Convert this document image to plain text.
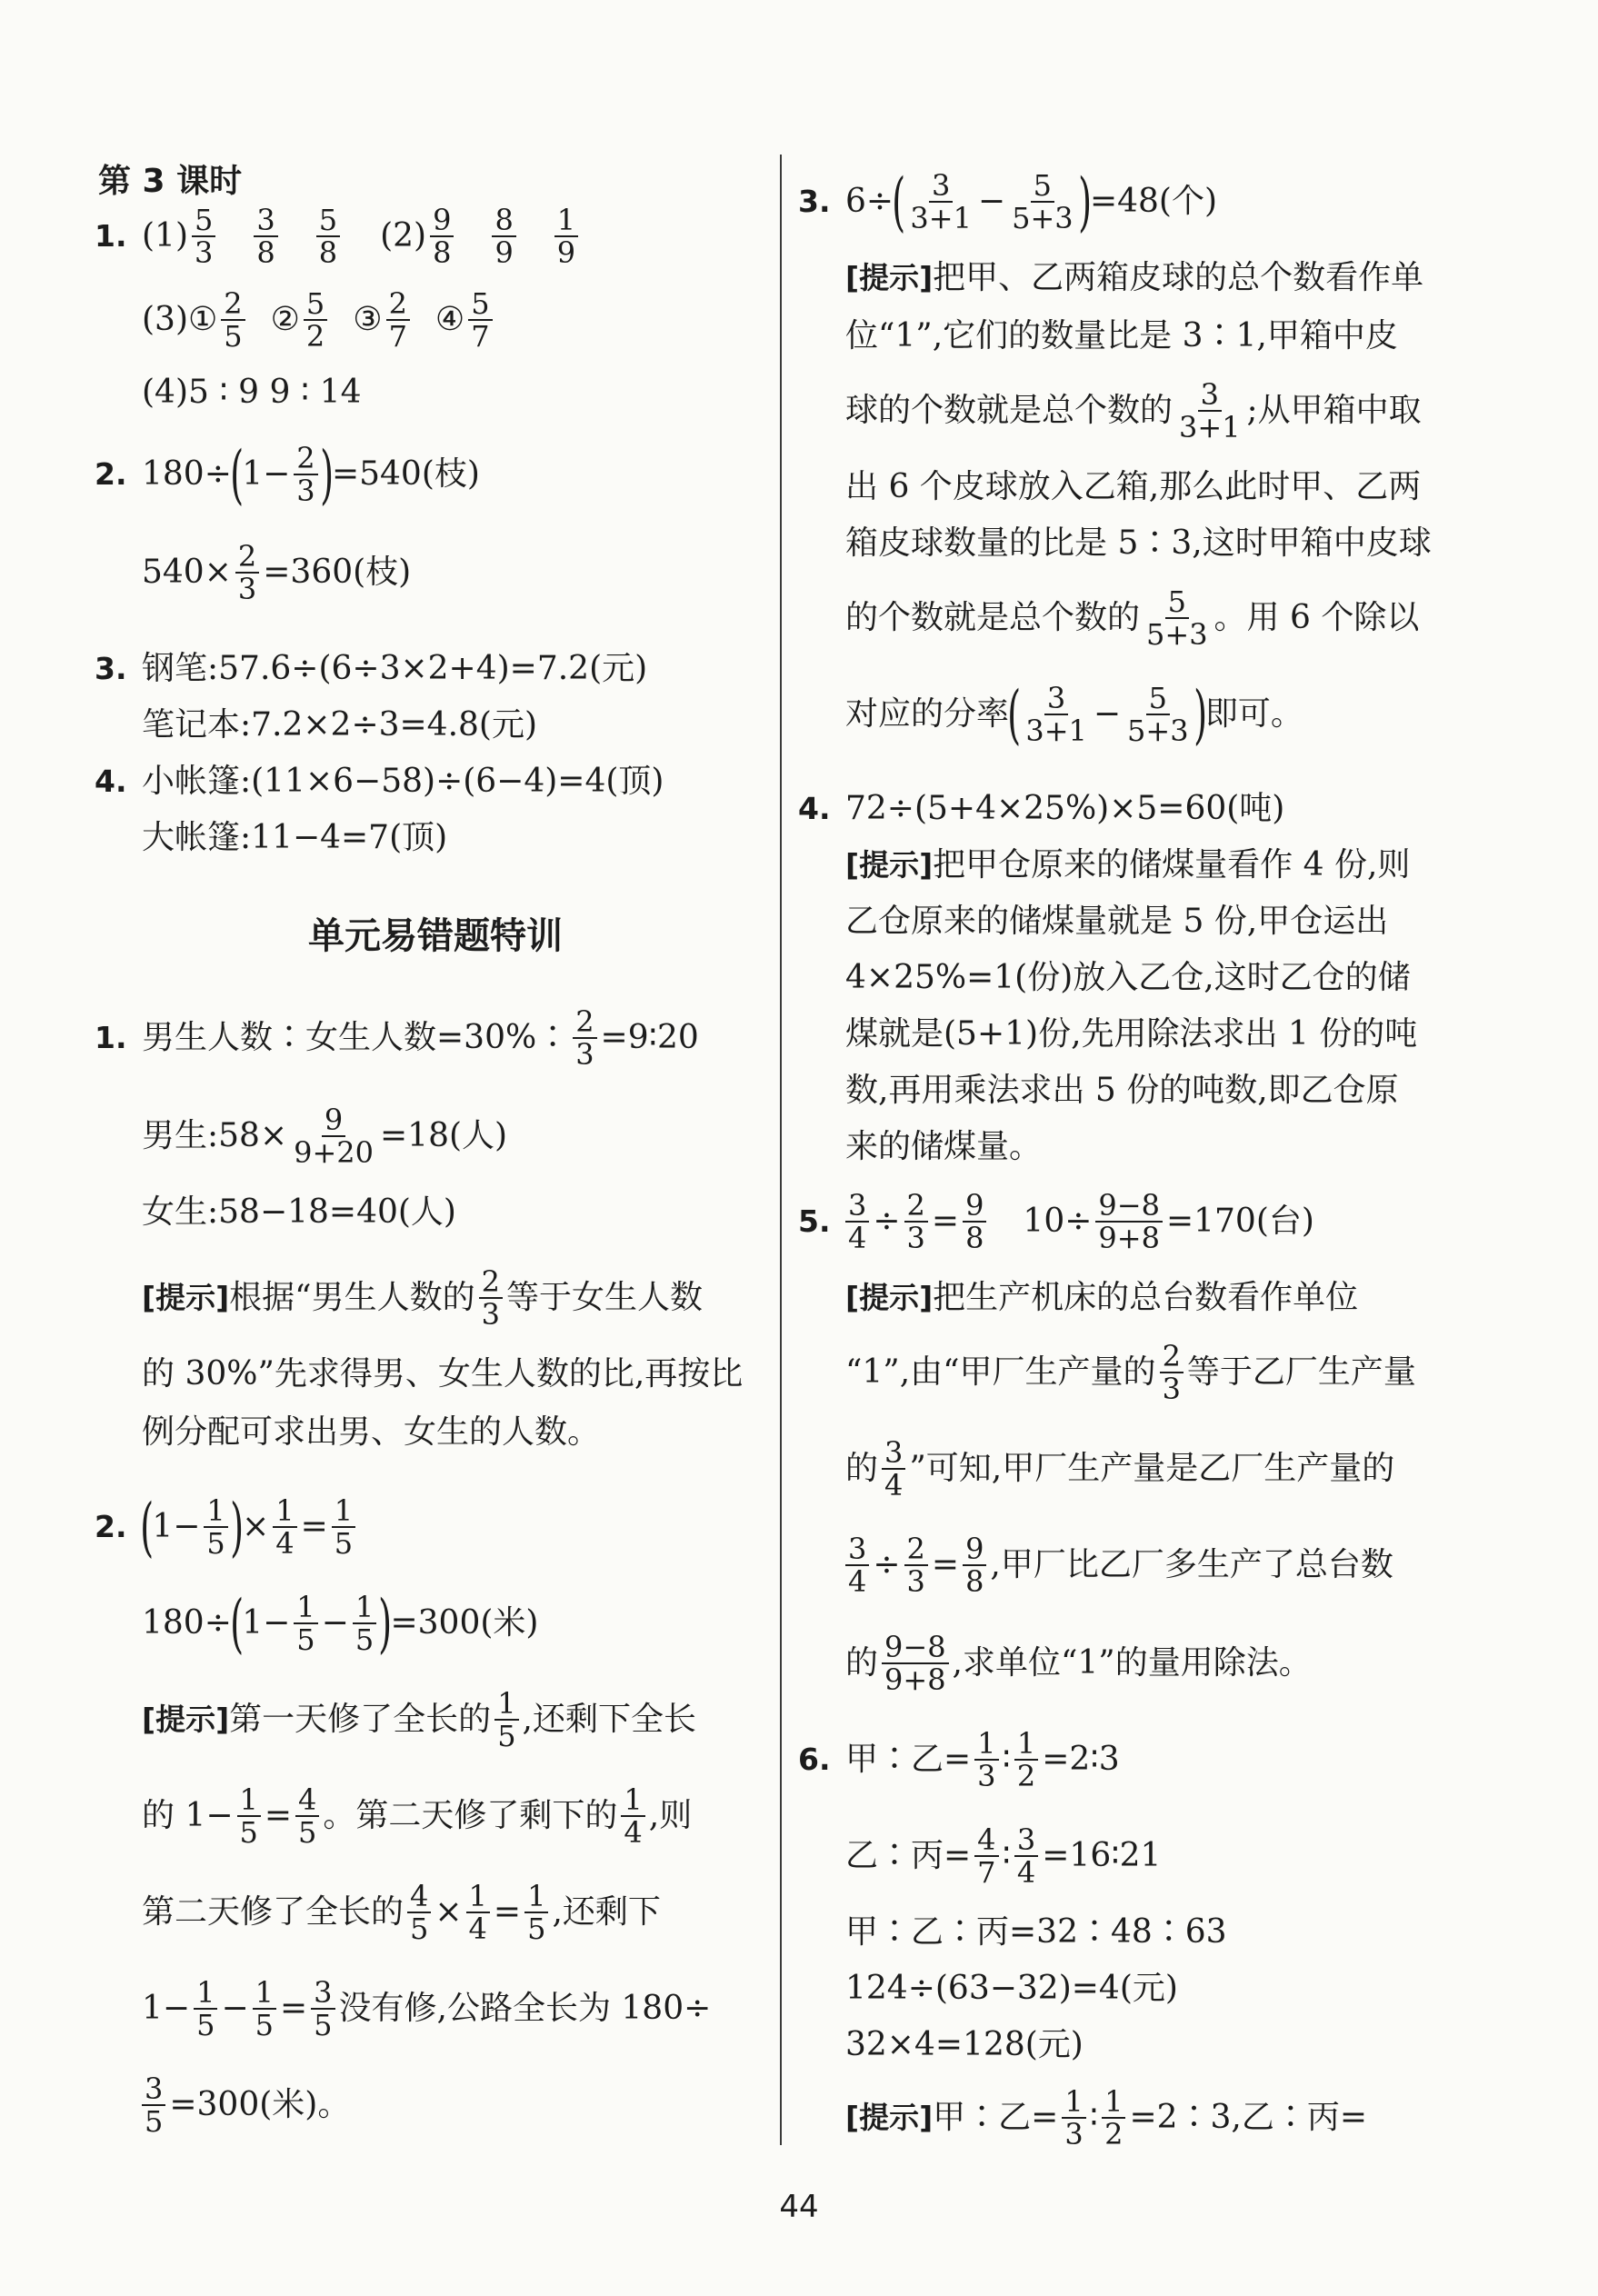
第 3 课时
1. $(1) \frac{5}{3} \frac{3}{8} \frac{5}{8} (2) \frac{9}{8} \frac{8}{9} \frac{1}{9}$
(3) ① $\frac{2}{5}$ ② $\frac{5}{2}$ ③ $\frac{2}{7}$ ④ $\frac{5}{7}$
(4)5 ∶ 9 9 ∶ 14
2. 180÷
(
$1- \frac{2}{3}$ )
=540(枝)
$540\times \frac{2}{3} =360$(枝)
3. 钢笔:57.6÷(6÷3×2+4)=7.2(元)
笔记本:7.2×2÷3=4.8(元)
4. 小帐篷:(11×6−58)÷(6−4)=4(顶)
大帐篷:11−4=7(顶)
单元易错题特训
1. 男生人数∶女生人数=30%∶ $\frac{2}{3}$ =9∶20
男生:58× $\frac{9}{9+20} =18$(人)
女生:58−18=40(人)
[提示] 根据“男生人数的 $\frac{2}{3}$ 等于女生人数
的 30%”先求得男、女生人数的比,再按比
例分配可求出男、女生的人数。
2. (
$1- \frac{1}{5}$ )
× $\frac{1}{4} = \frac{1}{5}$
180÷
(
$1- \frac{1}{5} - \frac{1}{5}$ )
=300(米)
[提示] 第一天修了全长的 $\frac{1}{5}$ ,还剩下全长
的 $1- \frac{1}{5} = \frac{4}{5}$ 。第二天修了剩下的 $\frac{1}{4}$ ,则
第二天修了全长的 $\frac{4}{5} \times \frac{1}{4} = \frac{1}{5}$ ,还剩下
$1- \frac{1}{5} - \frac{1}{5} = \frac{3}{5}$ 没有修,公路全长为 180÷
$\frac{3}{5} =300$(米)。
3. 6÷
( $\frac{3}{3+1} - \frac{5}{5+3}$ )
=48(个)
[提示] 把甲、乙两箱皮球的总个数看作单
位“1”,它们的数量比是 3∶1,甲箱中皮
球的个数就是总个数的 $\frac{3}{3+1}$ ;从甲箱中取
出 6 个皮球放入乙箱,那么此时甲、乙两
箱皮球数量的比是 5∶3,这时甲箱中皮球
的个数就是总个数的 $\frac{5}{5+3}$ 。用 6 个除以
对应的分率
( $\frac{3}{3+1} - \frac{5}{5+3}$ )
即可。
4. 72÷(5+4×25%)×5=60(吨)
[提示] 把甲仓原来的储煤量看作 4 份,则
乙仓原来的储煤量就是 5 份,甲仓运出
4×25%=1(份)放入乙仓,这时乙仓的储
煤就是(5+1)份,先用除法求出 1 份的吨
数,再用乘法求出 5 份的吨数,即乙仓原
来的储煤量。
5. $\frac{3}{4} \div \frac{2}{3} = \frac{9}{8} 10\div \frac{9-8}{9+8} =170$(台)
[提示] 把生产机床的总台数看作单位
“1”,由“甲厂生产量的 $\frac{2}{3}$ 等于乙厂生产量
的 $\frac{3}{4}$ ”可知,甲厂生产量是乙厂生产量的
$\frac{3}{4} \div \frac{2}{3} = \frac{9}{8}$ ,甲厂比乙厂多生产了总台数
的 $\frac{9-8}{9+8}$ ,求单位“1”的量用除法。
6. 甲∶乙= $\frac{1}{3}$ ∶ $\frac{1}{2}$ =2∶3
乙∶丙= $\frac{4}{7}$ ∶ $\frac{3}{4}$ =16∶21
甲∶乙∶丙=32∶48∶63
124÷(63−32)=4(元)
32×4=128(元)
[提示] 甲∶乙= $\frac{1}{3}$ ∶ $\frac{1}{2}$ =2∶3,乙∶丙=
44
